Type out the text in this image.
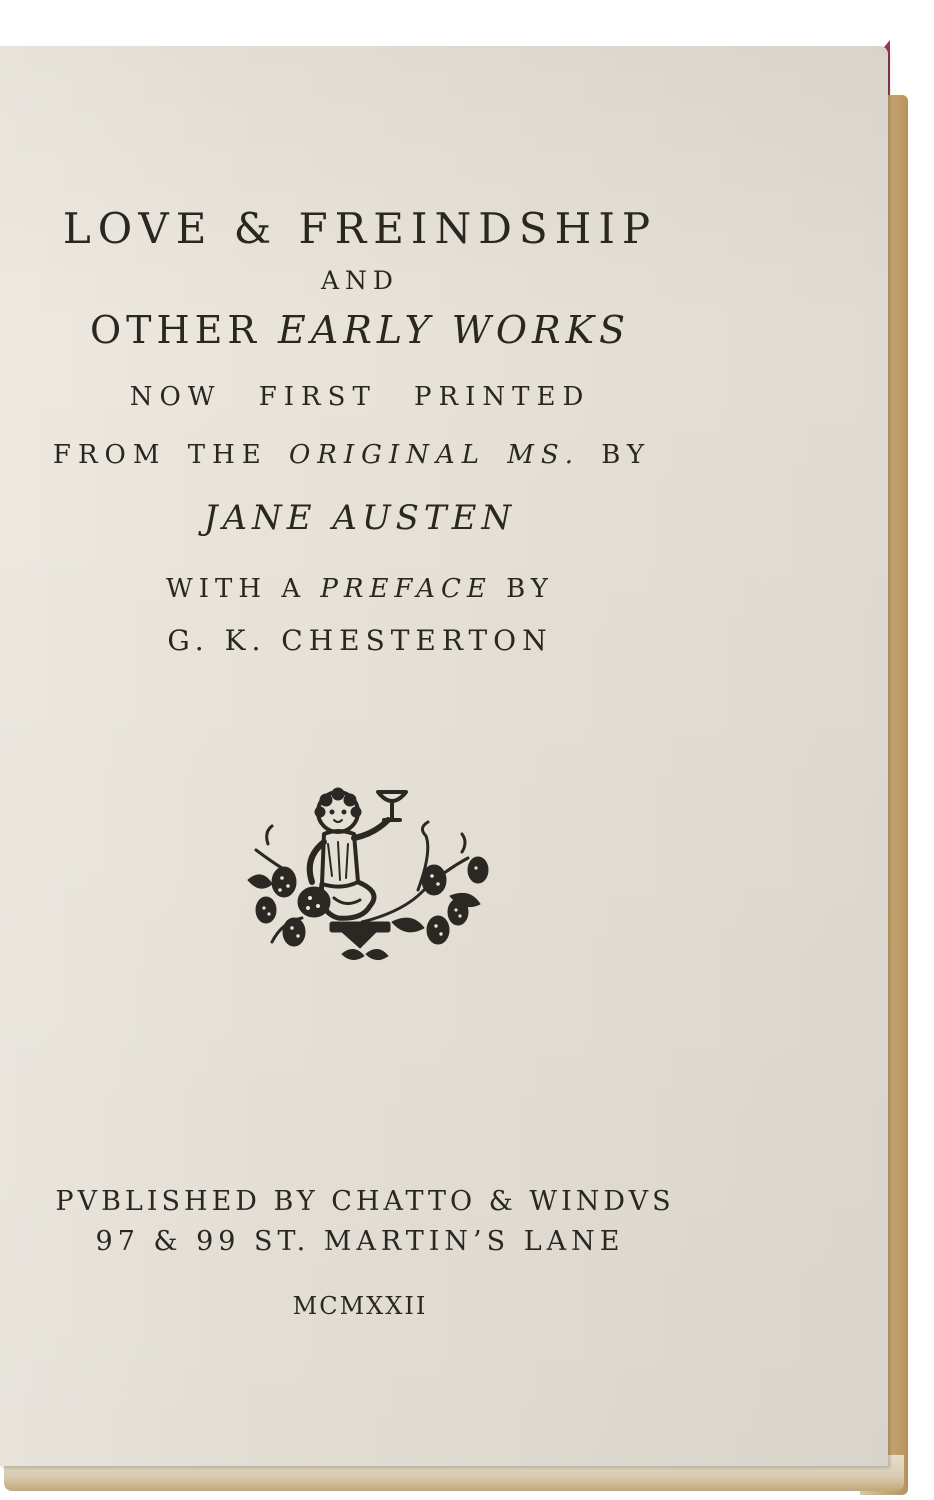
LOVE & FREINDSHIP
AND
OTHER EARLY WORKS
NOW FIRST PRINTED
FROM THE ORIGINAL MS. BY
JANE AUSTEN
WITH A PREFACE BY
G. K. CHESTERTON
PVBLISHED BY CHATTO & WINDVS
97 & 99 ST. MARTIN’S LANE
MCMXXII
